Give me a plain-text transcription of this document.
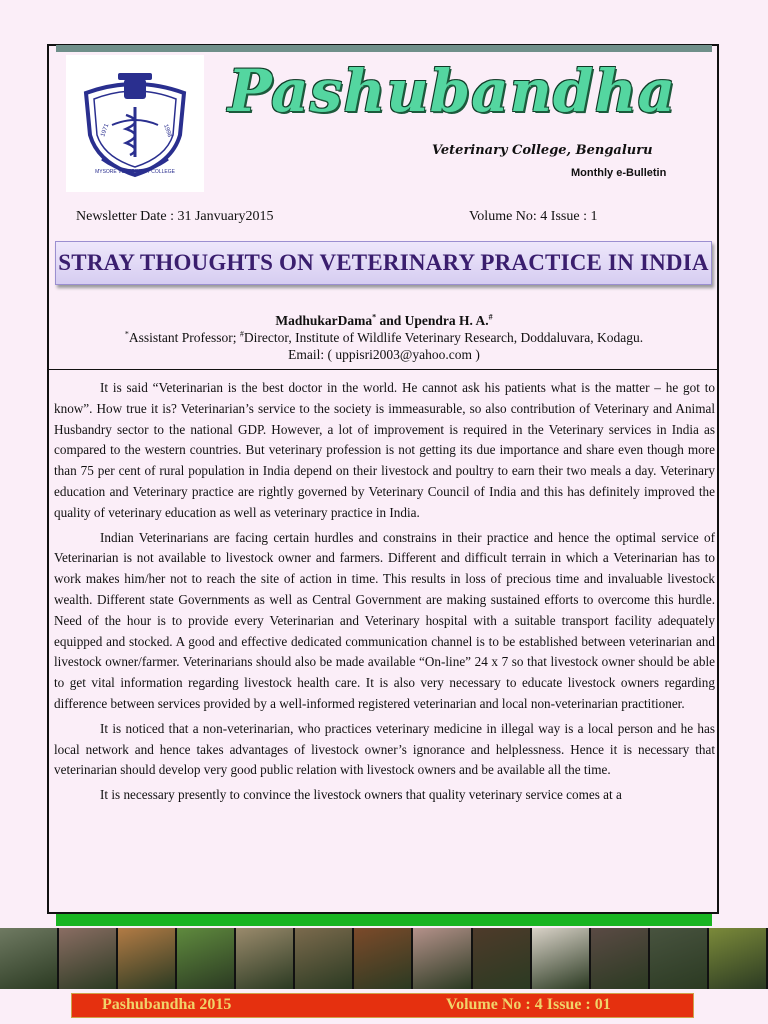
MYSORE VETERINARY COLLEGE
1971	1998
Pashubandha
Veterinary College, Bengaluru
Monthly e-Bulletin
Newsletter Date : 31 Janvuary2015	Volume No: 4 Issue : 1
STRAY THOUGHTS ON VETERINARY PRACTICE IN INDIA
MadhukarDama* and Upendra H. A.#
*Assistant Professor; #Director, Institute of Wildlife Veterinary Research, Doddaluvara, Kodagu.
Email: ( uppisri2003@yahoo.com )

It is said “Veterinarian is the best doctor in the world. He cannot ask his patients what is the matter – he got to know”. How true it is? Veterinarian’s service to the society is immeasurable, so also contribution of Veterinary and Animal Husbandry sector to the national GDP. However, a lot of improvement is required in the Veterinary services in India as compared to the western countries. But veterinary profession is not getting its due importance and share even though more than 75 per cent of rural population in India depend on their livestock and poultry to earn their two meals a day. Veterinary education and Veterinary practice are rightly governed by Veterinary Council of India and this has definitely improved the quality of veterinary education as well as veterinary practice in India.

Indian Veterinarians are facing certain hurdles and constrains in their practice and hence the optimal service of Veterinarian is not available to livestock owner and farmers. Different and difficult terrain in which a Veterinarian has to work makes him/her not to reach the site of action in time. This results in loss of precious time and invaluable livestock wealth. Different state Governments as well as Central Government are making sustained efforts to overcome this hurdle. Need of the hour is to provide every Veterinarian and Veterinary hospital with a suitable transport facility adequately equipped and stocked. A good and effective dedicated communication channel is to be established between veterinarian and livestock owner/farmer. Veterinarians should also be made available “On-line” 24 x 7 so that livestock owner should be able to get vital information regarding livestock health care. It is also very necessary to educate livestock owners regarding difference between services provided by a well-informed registered veterinarian and local non-veterinarian practitioner.

It is noticed that a non-veterinarian, who practices veterinary medicine in illegal way is a local person and he has local network and hence takes advantages of livestock owner’s ignorance and helplessness. Hence it is necessary that veterinarian should develop very good public relation with livestock owners and be available all the time.

It is necessary presently to convince the livestock owners that quality veterinary service comes at a

Pashubandha 2015	Volume No : 4 Issue : 01
